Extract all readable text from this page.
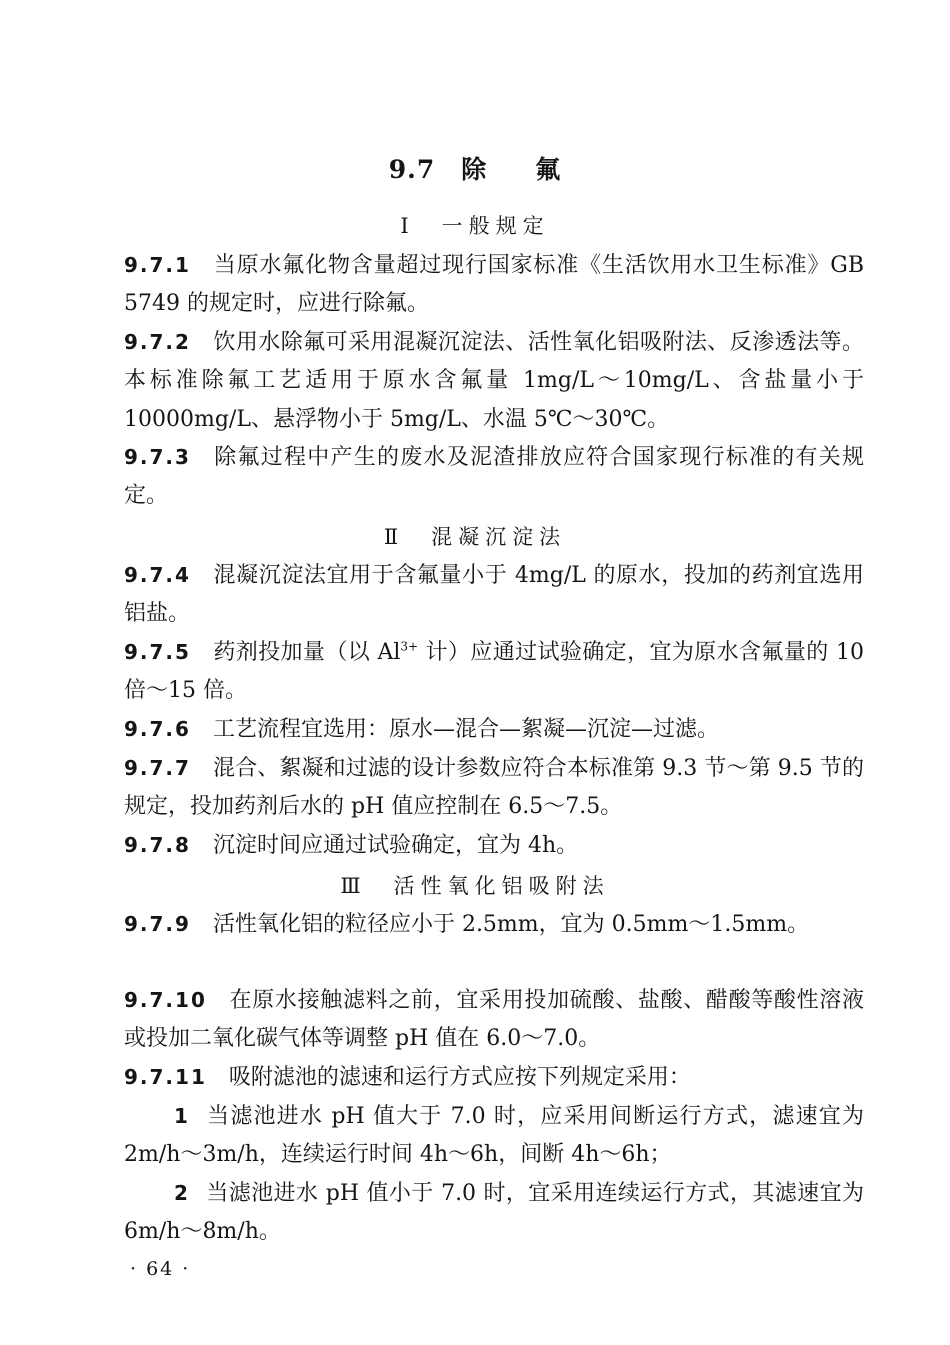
9.7 除 氟
Ⅰ　一般规定
9.7.1 当原水氟化物含量超过现行国家标准《生活饮用水卫生标准》GB 5749 的规定时，应进行除氟。
9.7.2 饮用水除氟可采用混凝沉淀法、活性氧化铝吸附法、反渗透法等。本标准除氟工艺适用于原水含氟量 1mg/L～10mg/L、含盐量小于 10000mg/L、悬浮物小于 5mg/L、水温 5℃～30℃。
9.7.3 除氟过程中产生的废水及泥渣排放应符合国家现行标准的有关规定。
Ⅱ　混凝沉淀法
9.7.4 混凝沉淀法宜用于含氟量小于 4mg/L 的原水，投加的药剂宜选用铝盐。
9.7.5 药剂投加量（以 $Al^{3+}$ 计）应通过试验确定，宜为原水含氟量的 10 倍～15 倍。
9.7.6 工艺流程宜选用：原水—混合—絮凝—沉淀—过滤。
9.7.7 混合、絮凝和过滤的设计参数应符合本标准第 9.3 节～第 9.5 节的规定，投加药剂后水的 pH 值应控制在 6.5～7.5。
9.7.8 沉淀时间应通过试验确定，宜为 4h。
Ⅲ　活性氧化铝吸附法
9.7.9 活性氧化铝的粒径应小于 2.5mm，宜为 0.5mm～1.5mm。
9.7.10 在原水接触滤料之前，宜采用投加硫酸、盐酸、醋酸等酸性溶液或投加二氧化碳气体等调整 pH 值在 6.0～7.0。
9.7.11 吸附滤池的滤速和运行方式应按下列规定采用：
1 当滤池进水 pH 值大于 7.0 时，应采用间断运行方式，滤速宜为 2m/h～3m/h，连续运行时间 4h～6h，间断 4h～6h；
2 当滤池进水 pH 值小于 7.0 时，宜采用连续运行方式，其滤速宜为 6m/h～8m/h。
· 64 ·
